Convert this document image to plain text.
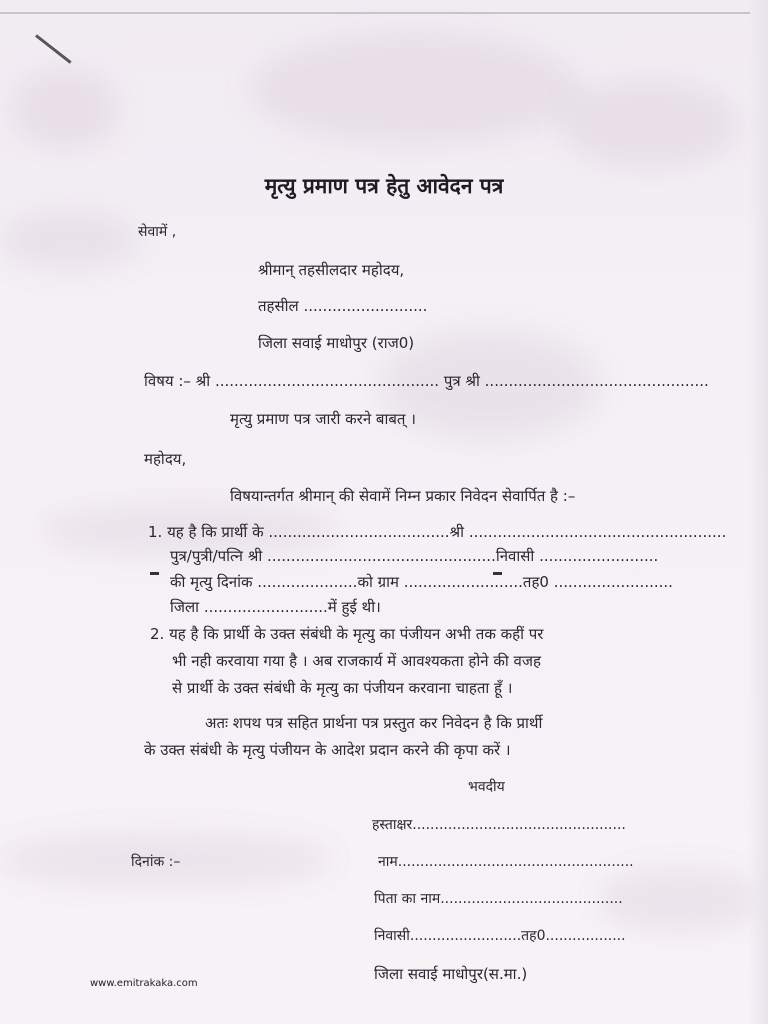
मृत्यु प्रमाण पत्र हेतु आवेदन पत्र
सेवामें ,
श्रीमान् तहसीलदार महोदय,
तहसील ..........................
जिला सवाई माधोपुर (राज0)
विषय :– श्री ............................................... पुत्र श्री ...............................................
मृत्यु प्रमाण पत्र जारी करने बाबत् ।
महोदय,
विषयान्तर्गत श्रीमान् की सेवामें निम्न प्रकार निवेदन सेवार्पित है :–
1. यह है कि प्रार्थी के ......................................श्री ......................................................
पुत्र/पुत्री/पत्नि श्री ................................................निवासी .........................
की मृत्यु दिनांक .....................को ग्राम .........................तह0 .........................
जिला ..........................में हुई थी।
2. यह है कि प्रार्थी के उक्त संबंधी के मृत्यु का पंजीयन अभी तक कहीं पर
भी नही करवाया गया है । अब राजकार्य में आवश्यकता होने की वजह
से प्रार्थी के उक्त संबंधी के मृत्यु का पंजीयन करवाना चाहता हूँ ।
अतः शपथ पत्र सहित प्रार्थना पत्र प्रस्तुत कर निवेदन है कि प्रार्थी
के उक्त संबंधी के मृत्यु पंजीयन के आदेश प्रदान करने की कृपा करें ।
भवदीय
हस्ताक्षर................................................
दिनांक :–	नाम.....................................................
पिता का नाम.........................................
निवासी.........................तह0..................
जिला सवाई माधोपुर(स.मा.)
www.emitrakaka.com
